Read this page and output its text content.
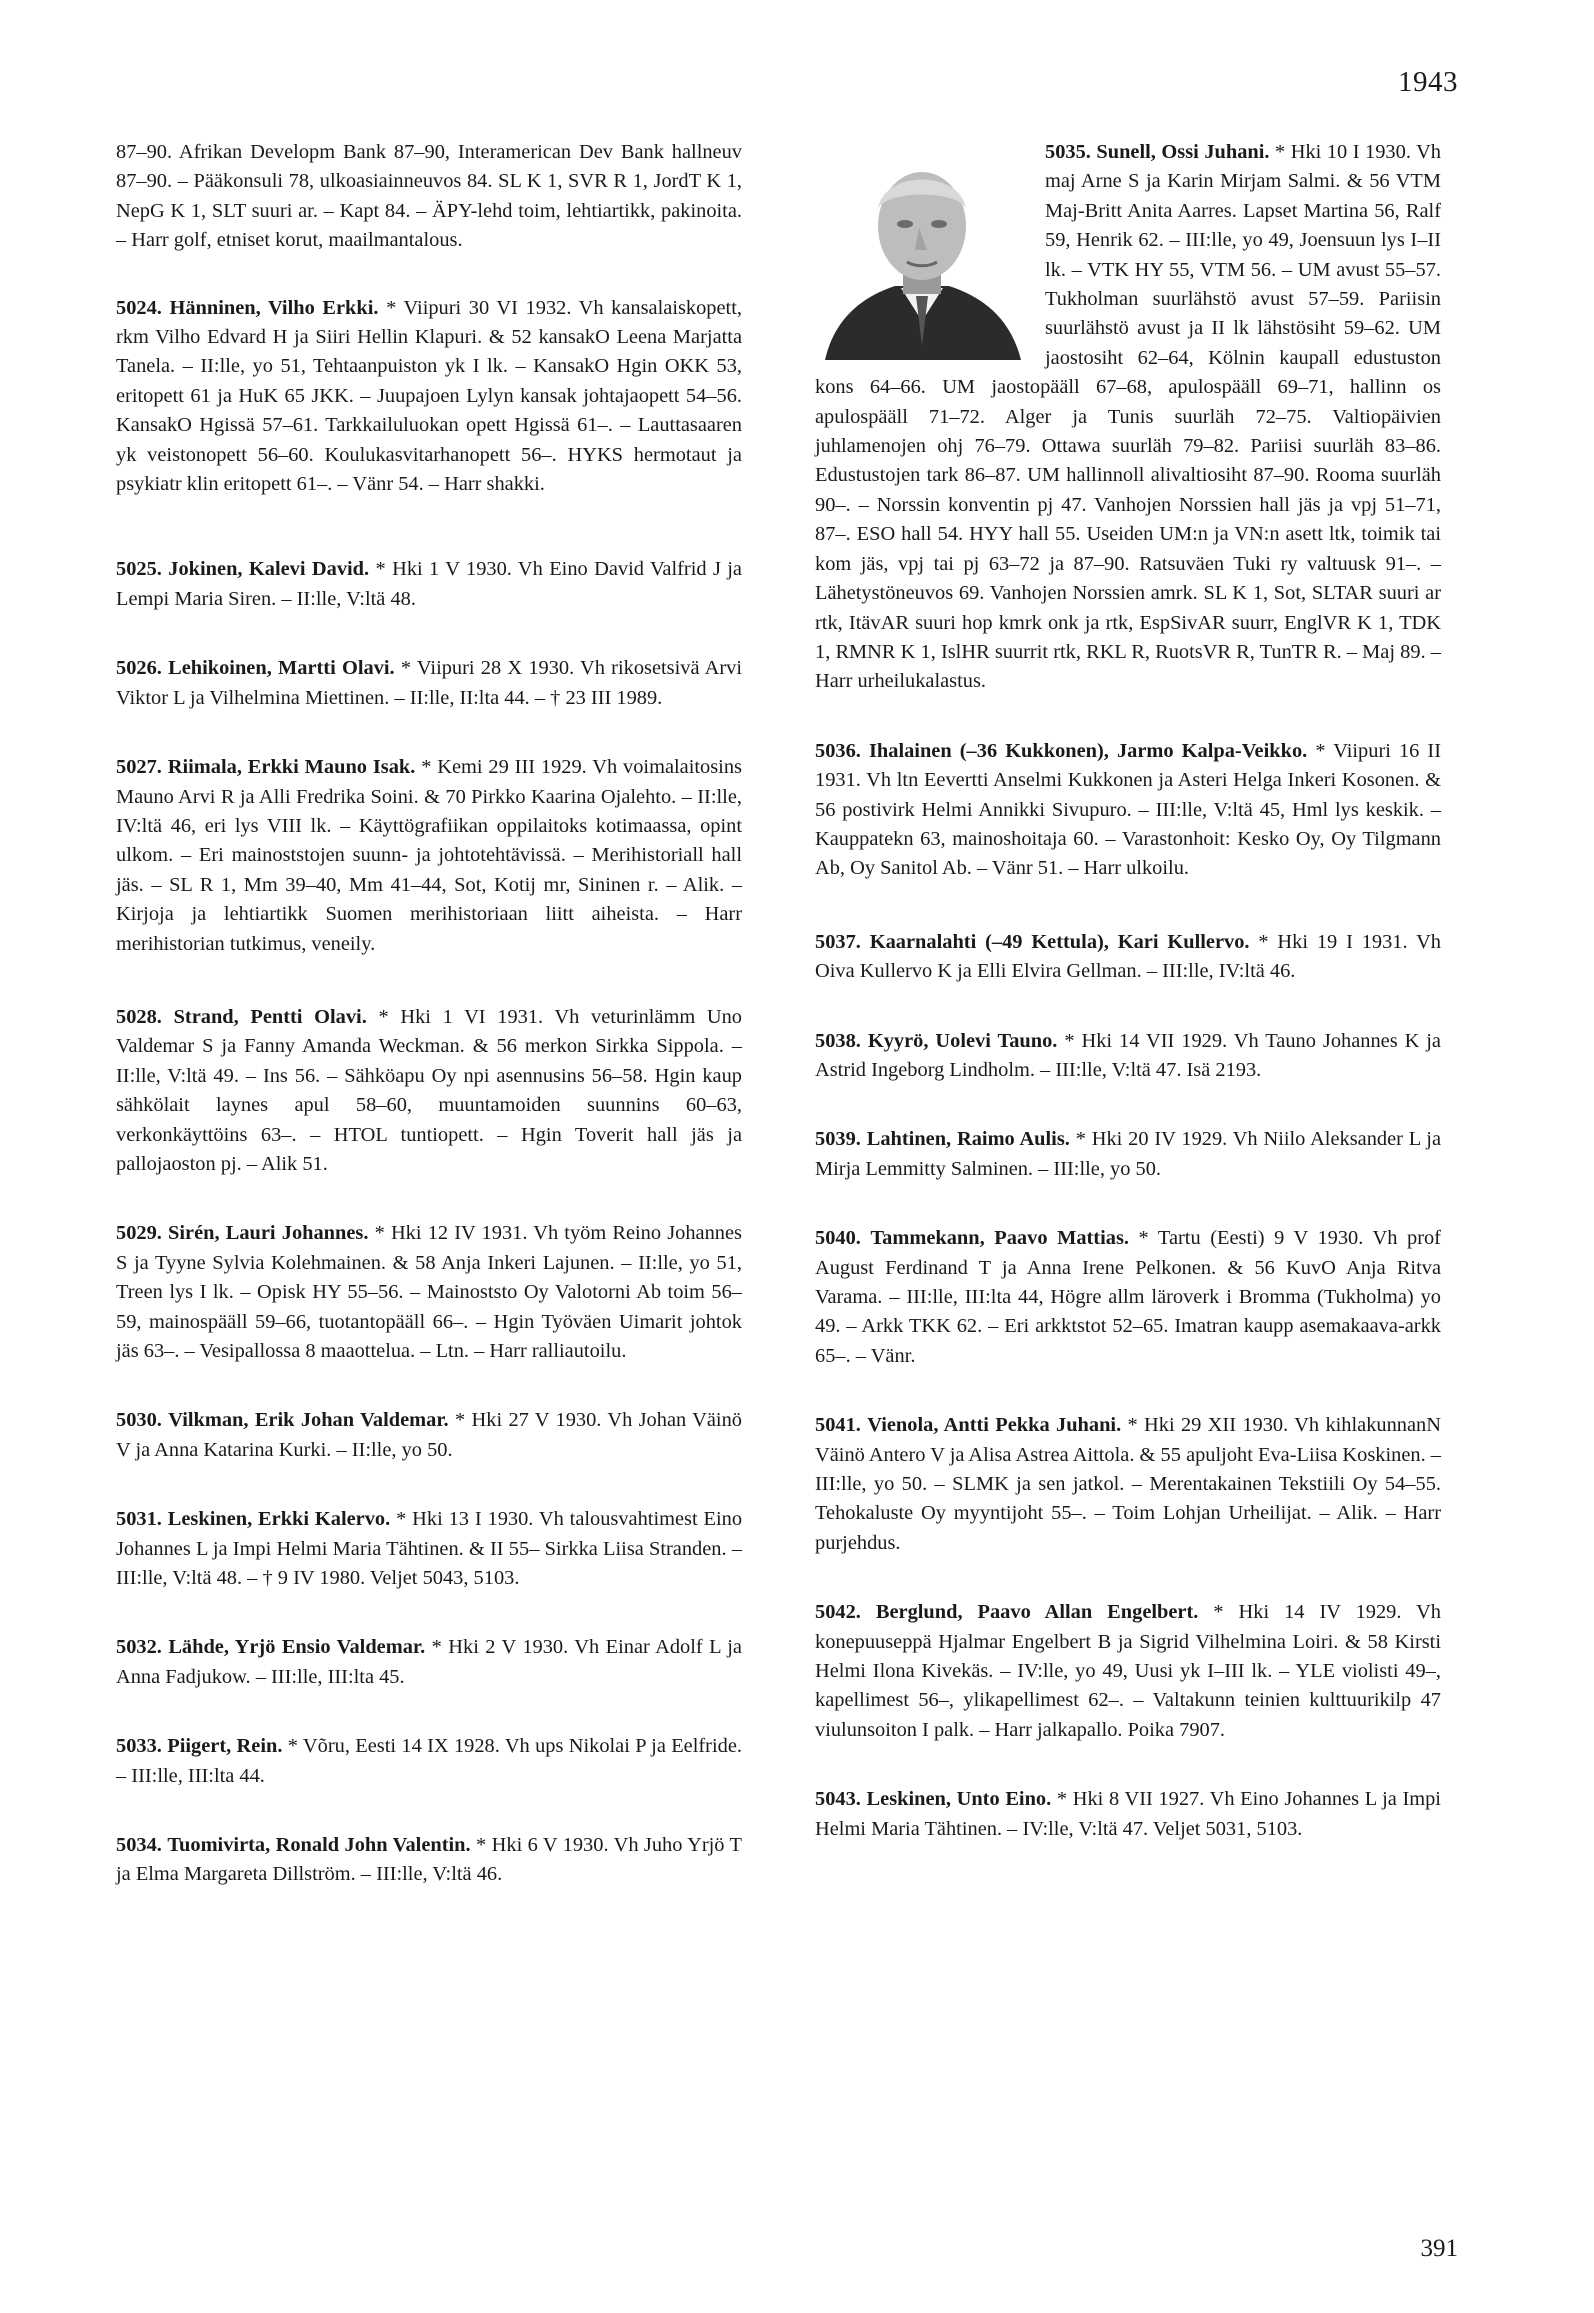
1943

87–90. Afrikan Developm Bank 87–90, Interamerican Dev Bank hallneuv 87–90. – Pääkonsuli 78, ulkoasiainneuvos 84. SL K 1, SVR R 1, JordT K 1, NepG K 1, SLT suuri ar. – Kapt 84. – ÄPY-lehd toim, lehtiartikk, pakinoita. – Harr golf, etniset korut, maailmantalous.

5024. Hänninen, Vilho Erkki. * Viipuri 30 VI 1932. Vh kansalaiskopett, rkm Vilho Edvard H ja Siiri Hellin Klapuri. & 52 kansakO Leena Marjatta Tanela. – II:lle, yo 51, Tehtaanpuiston yk I lk. – KansakO Hgin OKK 53, eritopett 61 ja HuK 65 JKK. – Juupajoen Lylyn kansak johtajaopett 54–56. KansakO Hgissä 57–61. Tarkkailuluokan opett Hgissä 61–. – Lauttasaaren yk veistonopett 56–60. Koulukasvitarhanopett 56–. HYKS hermotaut ja psykiatr klin eritopett 61–. – Vänr 54. – Harr shakki.

5025. Jokinen, Kalevi David. * Hki 1 V 1930. Vh Eino David Valfrid J ja Lempi Maria Siren. – II:lle, V:ltä 48.

5026. Lehikoinen, Martti Olavi. * Viipuri 28 X 1930. Vh rikosetsivä Arvi Viktor L ja Vilhelmina Miettinen. – II:lle, II:lta 44. – † 23 III 1989.

5027. Riimala, Erkki Mauno Isak. * Kemi 29 III 1929. Vh voimalaitosins Mauno Arvi R ja Alli Fredrika Soini. & 70 Pirkko Kaarina Ojalehto. – II:lle, IV:ltä 46, eri lys VIII lk. – Käyttögrafiikan oppilaitoks kotimaassa, opint ulkom. – Eri mainoststojen suunn- ja johtotehtävissä. – Merihistoriall hall jäs. – SL R 1, Mm 39–40, Mm 41–44, Sot, Kotij mr, Sininen r. – Alik. – Kirjoja ja lehtiartikk Suomen merihistoriaan liitt aiheista. – Harr merihistorian tutkimus, veneily.

5028. Strand, Pentti Olavi. * Hki 1 VI 1931. Vh veturinlämm Uno Valdemar S ja Fanny Amanda Weckman. & 56 merkon Sirkka Sippola. – II:lle, V:ltä 49. – Ins 56. – Sähköapu Oy npi asennusins 56–58. Hgin kaup sähkölait laynes apul 58–60, muuntamoiden suunnins 60–63, verkonkäyttöins 63–. – HTOL tuntiopett. – Hgin Toverit hall jäs ja pallojaoston pj. – Alik 51.

5029. Sirén, Lauri Johannes. * Hki 12 IV 1931. Vh työm Reino Johannes S ja Tyyne Sylvia Kolehmainen. & 58 Anja Inkeri Lajunen. – II:lle, yo 51, Treen lys I lk. – Opisk HY 55–56. – Mainoststo Oy Valotorni Ab toim 56–59, mainospääll 59–66, tuotantopääll 66–. – Hgin Työväen Uimarit johtok jäs 63–. – Vesipallossa 8 maaottelua. – Ltn. – Harr ralliautoilu.

5030. Vilkman, Erik Johan Valdemar. * Hki 27 V 1930. Vh Johan Väinö V ja Anna Katarina Kurki. – II:lle, yo 50.

5031. Leskinen, Erkki Kalervo. * Hki 13 I 1930. Vh talousvahtimest Eino Johannes L ja Impi Helmi Maria Tähtinen. & II 55– Sirkka Liisa Stranden. – III:lle, V:ltä 48. – † 9 IV 1980. Veljet 5043, 5103.

5032. Lähde, Yrjö Ensio Valdemar. * Hki 2 V 1930. Vh Einar Adolf L ja Anna Fadjukow. – III:lle, III:lta 45.

5033. Piigert, Rein. * Võru, Eesti 14 IX 1928. Vh ups Nikolai P ja Eelfride. – III:lle, III:lta 44.

5034. Tuomivirta, Ronald John Valentin. * Hki 6 V 1930. Vh Juho Yrjö T ja Elma Margareta Dillström. – III:lle, V:ltä 46.

5035. Sunell, Ossi Juhani. * Hki 10 I 1930. Vh maj Arne S ja Karin Mirjam Salmi. & 56 VTM Maj-Britt Anita Aarres. Lapset Martina 56, Ralf 59, Henrik 62. – III:lle, yo 49, Joensuun lys I–II lk. – VTK HY 55, VTM 56. – UM avust 55–57. Tukholman suurlähstö avust 57–59. Pariisin suurlähstö avust ja II lk lähstösiht 59–62. UM jaostosiht 62–64, Kölnin kaupall edustuston kons 64–66. UM jaostopääll 67–68, apulospääll 69–71, hallinn os apulospääll 71–72. Alger ja Tunis suurläh 72–75. Valtiopäivien juhlamenojen ohj 76–79. Ottawa suurläh 79–82. Pariisi suurläh 83–86. Edustustojen tark 86–87. UM hallinnoll alivaltiosiht 87–90. Rooma suurläh 90–. – Norssin konventin pj 47. Vanhojen Norssien hall jäs ja vpj 51–71, 87–. ESO hall 54. HYY hall 55. Useiden UM:n ja VN:n asett ltk, toimik tai kom jäs, vpj tai pj 63–72 ja 87–90. Ratsuväen Tuki ry valtuusk 91–. – Lähetystöneuvos 69. Vanhojen Norssien amrk. SL K 1, Sot, SLTAR suuri ar rtk, ItävAR suuri hop kmrk onk ja rtk, EspSivAR suurr, EnglVR K 1, TDK 1, RMNR K 1, IslHR suurrit rtk, RKL R, RuotsVR R, TunTR R. – Maj 89. – Harr urheilukalastus.

5036. Ihalainen (–36 Kukkonen), Jarmo Kalpa-Veikko. * Viipuri 16 II 1931. Vh ltn Eevertti Anselmi Kukkonen ja Asteri Helga Inkeri Kosonen. & 56 postivirk Helmi Annikki Sivupuro. – III:lle, V:ltä 45, Hml lys keskik. – Kauppatekn 63, mainoshoitaja 60. – Varastonhoit: Kesko Oy, Oy Tilgmann Ab, Oy Sanitol Ab. – Vänr 51. – Harr ulkoilu.

5037. Kaarnalahti (–49 Kettula), Kari Kullervo. * Hki 19 I 1931. Vh Oiva Kullervo K ja Elli Elvira Gellman. – III:lle, IV:ltä 46.

5038. Kyyrö, Uolevi Tauno. * Hki 14 VII 1929. Vh Tauno Johannes K ja Astrid Ingeborg Lindholm. – III:lle, V:ltä 47. Isä 2193.

5039. Lahtinen, Raimo Aulis. * Hki 20 IV 1929. Vh Niilo Aleksander L ja Mirja Lemmitty Salminen. – III:lle, yo 50.

5040. Tammekann, Paavo Mattias. * Tartu (Eesti) 9 V 1930. Vh prof August Ferdinand T ja Anna Irene Pelkonen. & 56 KuvO Anja Ritva Varama. – III:lle, III:lta 44, Högre allm läroverk i Bromma (Tukholma) yo 49. – Arkk TKK 62. – Eri arkktstot 52–65. Imatran kaupp asemakaava-arkk 65–. – Vänr.

5041. Vienola, Antti Pekka Juhani. * Hki 29 XII 1930. Vh kihlakunnanN Väinö Antero V ja Alisa Astrea Aittola. & 55 apuljoht Eva-Liisa Koskinen. – III:lle, yo 50. – SLMK ja sen jatkol. – Merentakainen Tekstiili Oy 54–55. Tehokaluste Oy myyntijoht 55–. – Toim Lohjan Urheilijat. – Alik. – Harr purjehdus.

5042. Berglund, Paavo Allan Engelbert. * Hki 14 IV 1929. Vh konepuuseppä Hjalmar Engelbert B ja Sigrid Vilhelmina Loiri. & 58 Kirsti Helmi Ilona Kivekäs. – IV:lle, yo 49, Uusi yk I–III lk. – YLE violisti 49–, kapellimest 56–, ylikapellimest 62–. – Valtakunn teinien kulttuurikilp 47 viulunsoiton I palk. – Harr jalkapallo. Poika 7907.

5043. Leskinen, Unto Eino. * Hki 8 VII 1927. Vh Eino Johannes L ja Impi Helmi Maria Tähtinen. – IV:lle, V:ltä 47. Veljet 5031, 5103.

391
